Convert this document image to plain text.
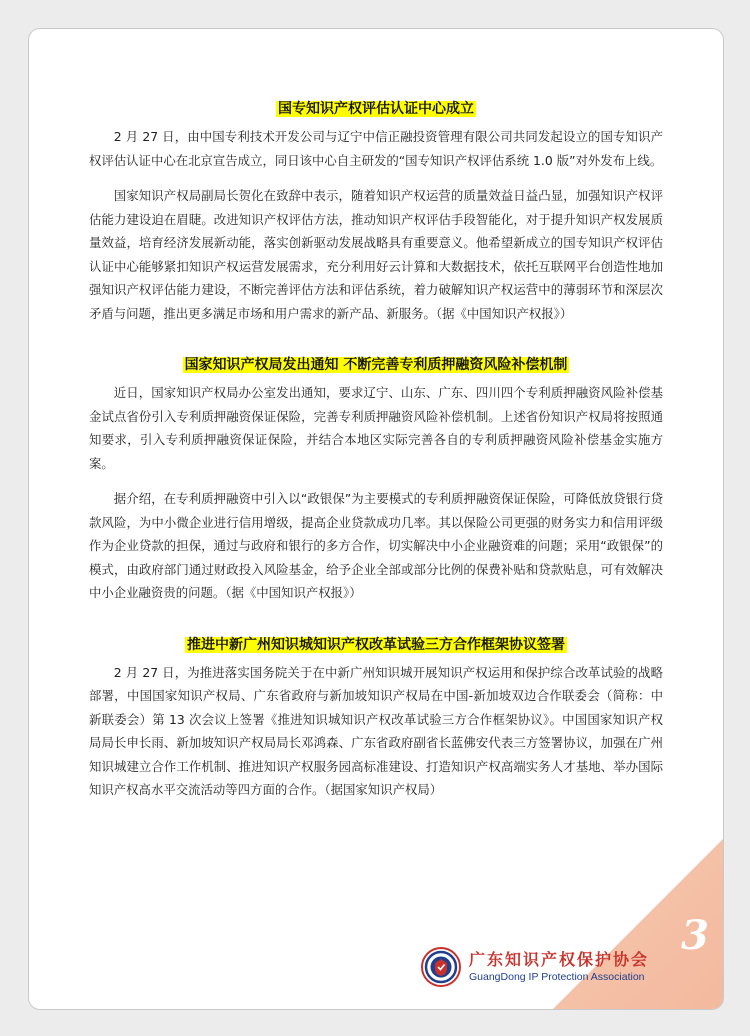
国专知识产权评估认证中心成立

2 月 27 日，由中国专利技术开发公司与辽宁中信正融投资管理有限公司共同发起设立的国专知识产权评估认证中心在北京宣告成立，同日该中心自主研发的“国专知识产权评估系统 1.0 版”对外发布上线。

国家知识产权局副局长贺化在致辞中表示，随着知识产权运营的质量效益日益凸显，加强知识产权评估能力建设迫在眉睫。改进知识产权评估方法，推动知识产权评估手段智能化，对于提升知识产权发展质量效益，培育经济发展新动能，落实创新驱动发展战略具有重要意义。他希望新成立的国专知识产权评估认证中心能够紧扣知识产权运营发展需求，充分利用好云计算和大数据技术，依托互联网平台创造性地加强知识产权评估能力建设，不断完善评估方法和评估系统，着力破解知识产权运营中的薄弱环节和深层次矛盾与问题，推出更多满足市场和用户需求的新产品、新服务。（据《中国知识产权报》）

国家知识产权局发出通知 不断完善专利质押融资风险补偿机制

近日，国家知识产权局办公室发出通知，要求辽宁、山东、广东、四川四个专利质押融资风险补偿基金试点省份引入专利质押融资保证保险，完善专利质押融资风险补偿机制。上述省份知识产权局将按照通知要求，引入专利质押融资保证保险，并结合本地区实际完善各自的专利质押融资风险补偿基金实施方案。

据介绍，在专利质押融资中引入以“政银保”为主要模式的专利质押融资保证保险，可降低放贷银行贷款风险，为中小微企业进行信用增级，提高企业贷款成功几率。其以保险公司更强的财务实力和信用评级作为企业贷款的担保，通过与政府和银行的多方合作，切实解决中小企业融资难的问题；采用“政银保”的模式，由政府部门通过财政投入风险基金，给予企业全部或部分比例的保费补贴和贷款贴息，可有效解决中小企业融资贵的问题。（据《中国知识产权报》）

推进中新广州知识城知识产权改革试验三方合作框架协议签署

2 月 27 日，为推进落实国务院关于在中新广州知识城开展知识产权运用和保护综合改革试验的战略部署，中国国家知识产权局、广东省政府与新加坡知识产权局在中国-新加坡双边合作联委会（简称：中新联委会）第 13 次会议上签署《推进知识城知识产权改革试验三方合作框架协议》。中国国家知识产权局局长申长雨、新加坡知识产权局局长邓鸿森、广东省政府副省长蓝佛安代表三方签署协议，加强在广州知识城建立合作工作机制、推进知识产权服务园高标准建设、打造知识产权高端实务人才基地、举办国际知识产权高水平交流活动等四方面的合作。（据国家知识产权局）

3
广东知识产权保护协会
GuangDong IP Protection Association
